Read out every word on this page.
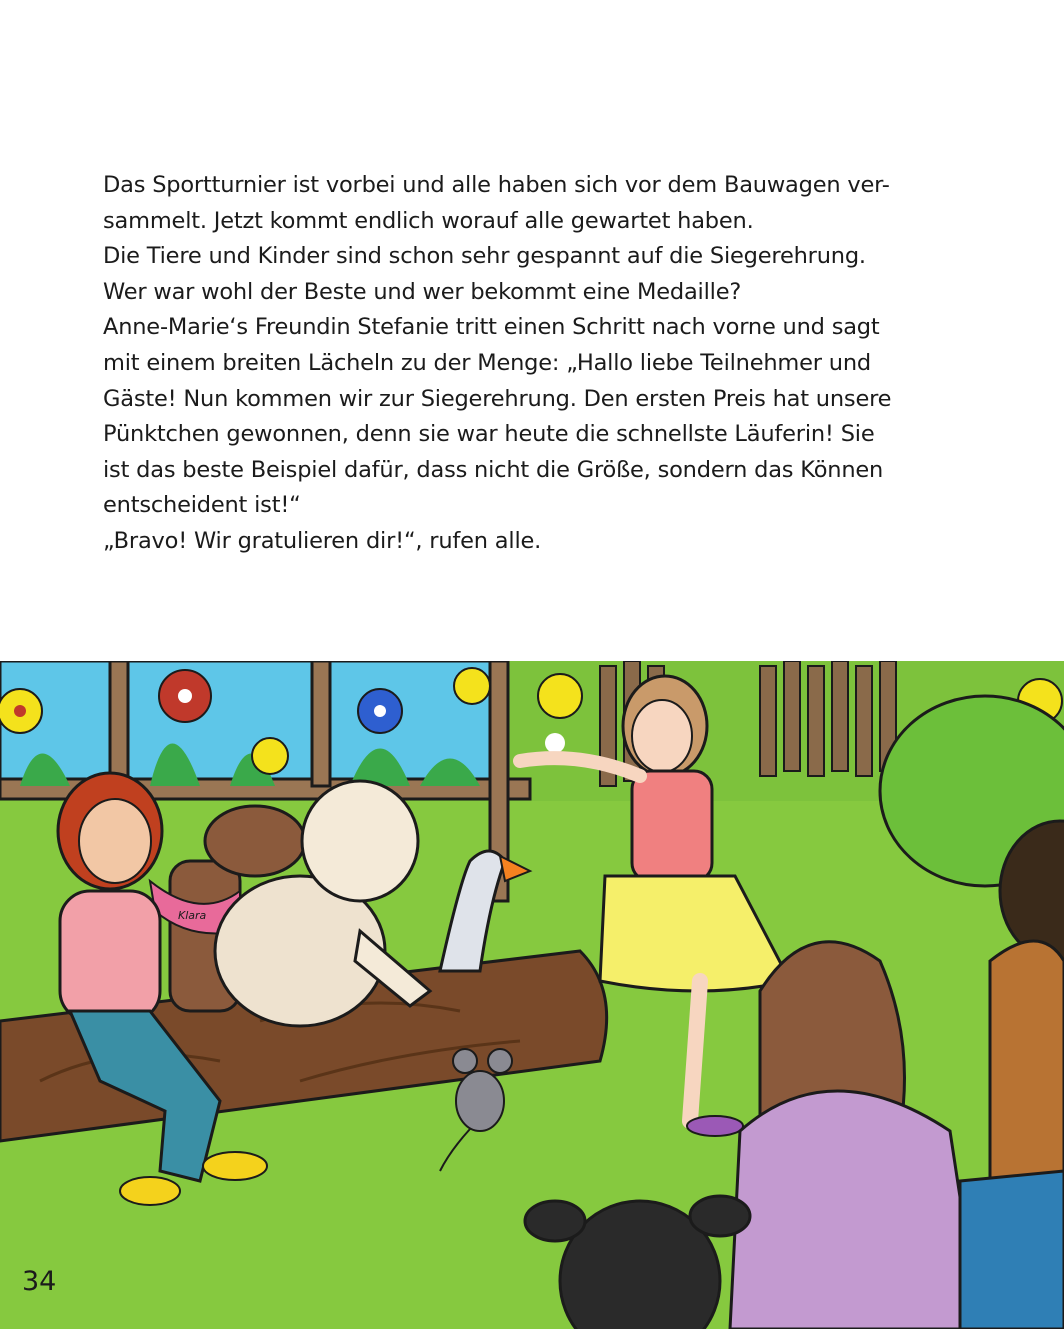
Das Sportturnier ist vorbei und alle haben sich vor dem Bauwagen ver-
sammelt. Jetzt kommt endlich worauf alle gewartet haben.
Die Tiere und Kinder sind schon sehr gespannt auf die Siegerehrung.
Wer war wohl der Beste und wer bekommt eine Medaille?
Anne-Marie‘s Freundin Stefanie tritt einen Schritt nach vorne und sagt
mit einem breiten Lächeln zu der Menge: „Hallo liebe Teilnehmer und
Gäste! Nun kommen wir zur Siegerehrung. Den ersten Preis hat unsere
Pünktchen gewonnen, denn sie war heute die schnellste Läuferin! Sie
ist das beste Beispiel dafür, dass nicht die Größe, sondern das Können
entscheident ist!“
„Bravo! Wir gratulieren dir!“, rufen alle.
Klara

34
